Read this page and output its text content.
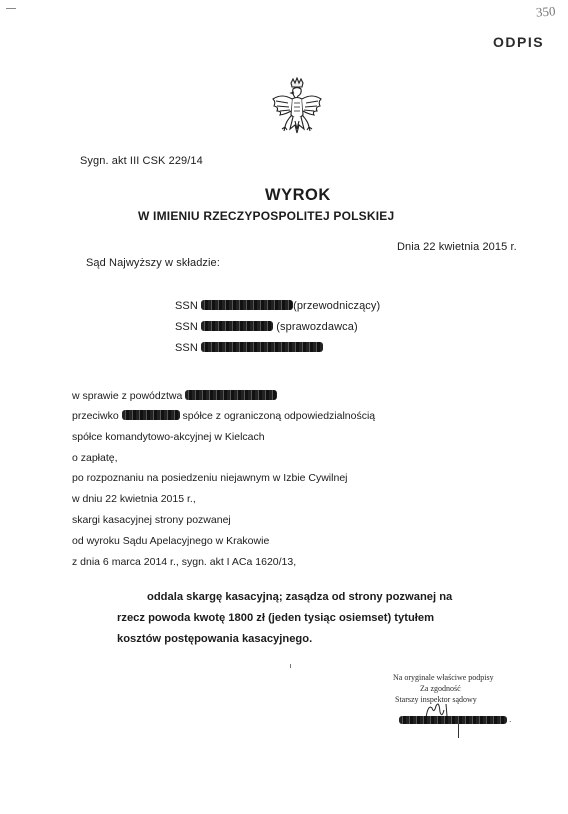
350
ODPIS
Sygn. akt III CSK 229/14
WYROK
W IMIENIU RZECZYPOSPOLITEJ POLSKIEJ
Dnia 22 kwietnia 2015 r.
Sąd Najwyższy w składzie:
SSN	(przewodniczący)
SSN	(sprawozdawca)
SSN
w sprawie z powództwa
przeciwko	spółce z ograniczoną odpowiedzialnością
spółce komandytowo-akcyjnej w Kielcach
o zapłatę,
po rozpoznaniu na posiedzeniu niejawnym w Izbie Cywilnej
w dniu 22 kwietnia 2015 r.,
skargi kasacyjnej strony pozwanej
od wyroku Sądu Apelacyjnego w Krakowie
z dnia 6 marca 2014 r., sygn. akt I ACa 1620/13,

oddala skargę kasacyjną; zasądza od strony pozwanej na

rzecz powoda kwotę 1800 zł (jeden tysiąc osiemset) tytułem

kosztów postępowania kasacyjnego.

Na oryginale właściwe podpisy
Za zgodność
Starszy inspektor sądowy
.
